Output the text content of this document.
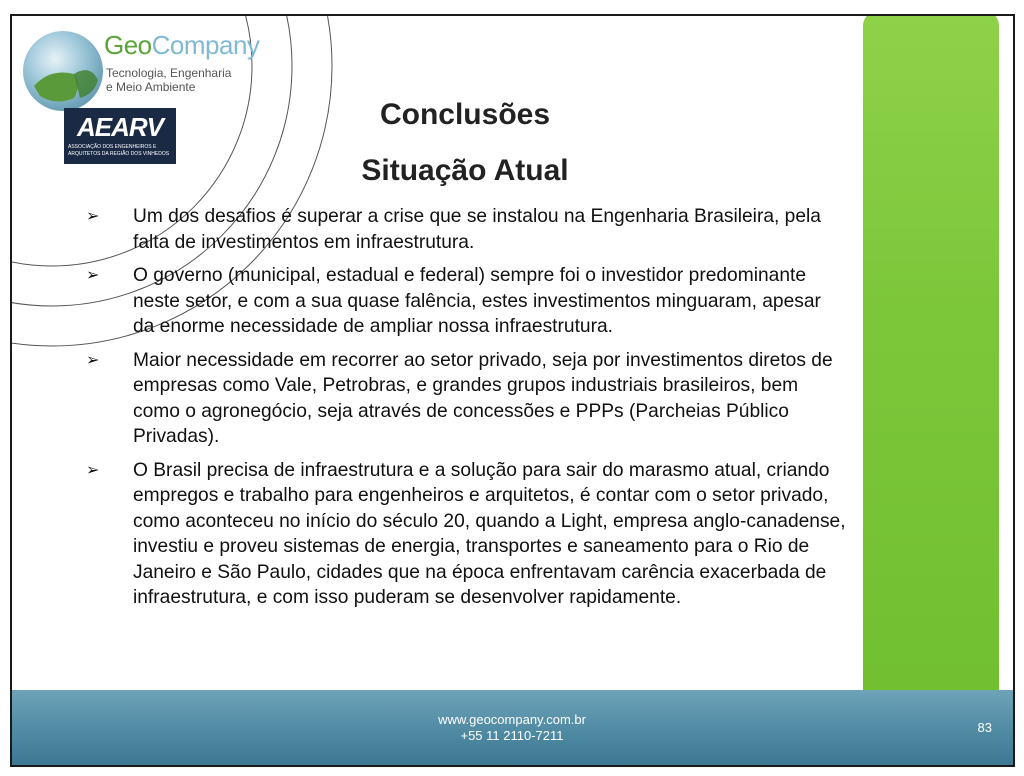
GeoCompany
Tecnologia, Engenharia
e Meio Ambiente
AEARV
ASSOCIAÇÃO DOS ENGENHEIROS E
ARQUITETOS DA REGIÃO DOS VINHEDOS
Conclusões
Situação Atual
➢ Um dos desafios é superar a crise que se instalou na Engenharia Brasileira, pela falta de investimentos em infraestrutura.
➢ O governo (municipal, estadual e federal) sempre foi o investidor predominante neste setor, e com a sua quase falência, estes investimentos minguaram, apesar da enorme necessidade de ampliar nossa infraestrutura.
➢ Maior necessidade em recorrer ao setor privado, seja por investimentos diretos de empresas como Vale, Petrobras, e grandes grupos industriais brasileiros, bem como o agronegócio, seja através de concessões e PPPs (Parcheias Público Privadas).
➢ O Brasil precisa de infraestrutura e a solução para sair do marasmo atual, criando empregos e trabalho para engenheiros e arquitetos, é contar com o setor privado, como aconteceu no início do século 20, quando a Light, empresa anglo-canadense, investiu e proveu sistemas de energia, transportes e saneamento para o Rio de Janeiro e São Paulo, cidades que na época enfrentavam carência exacerbada de infraestrutura, e com isso puderam se desenvolver rapidamente.
www.geocompany.com.br
+55 11 2110-7211
83
